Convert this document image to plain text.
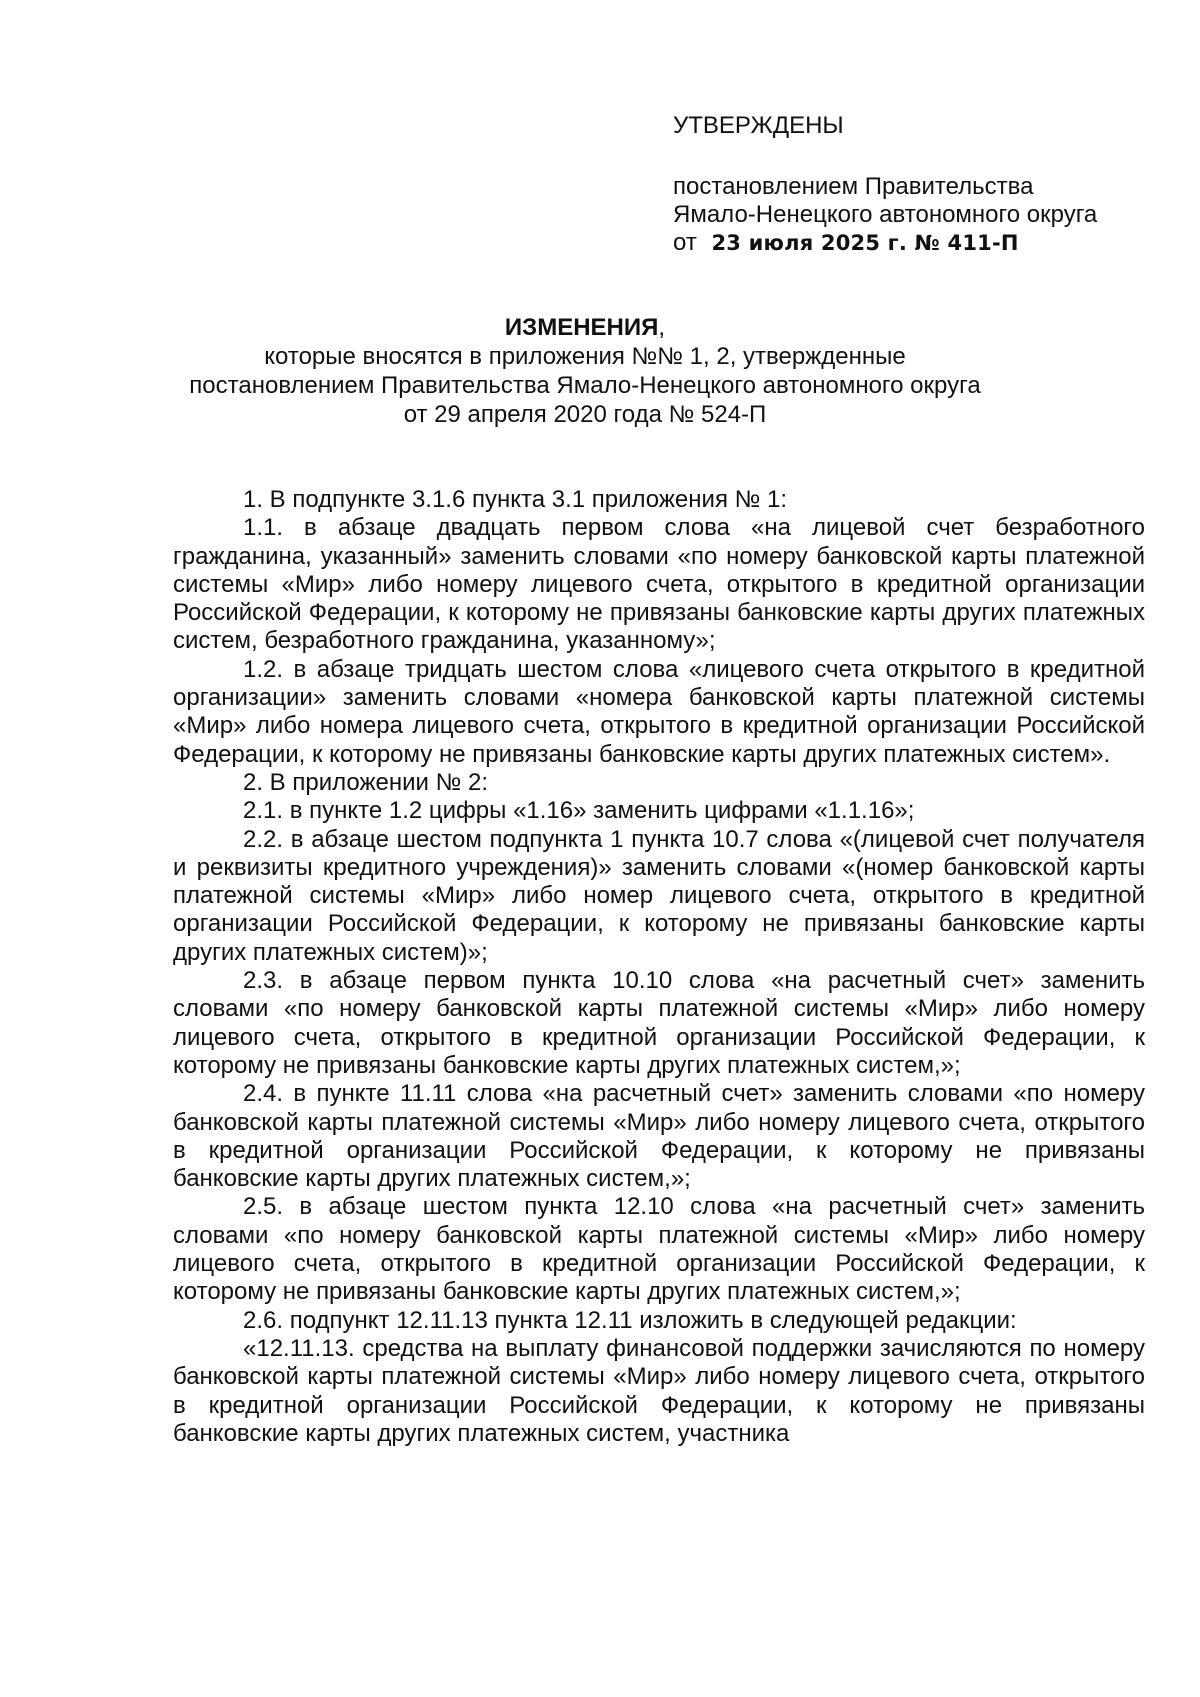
УТВЕРЖДЕНЫ
постановлением Правительства
Ямало-Ненецкого автономного округа
от 23 июля 2025 г. № 411-П
ИЗМЕНЕНИЯ,
которые вносятся в приложения №№ 1, 2, утвержденные
постановлением Правительства Ямало-Ненецкого автономного округа
от 29 апреля 2020 года № 524-П

1. В подпункте 3.1.6 пункта 3.1 приложения № 1:

1.1. в абзаце двадцать первом слова «на лицевой счет безработного гражданина, указанный» заменить словами «по номеру банковской карты платежной системы «Мир» либо номеру лицевого счета, открытого в кредитной организации Российской Федерации, к которому не привязаны банковские карты других платежных систем, безработного гражданина, указанному»;

1.2. в абзаце тридцать шестом слова «лицевого счета открытого в кредитной организации» заменить словами «номера банковской карты платежной системы «Мир» либо номера лицевого счета, открытого в кредитной организации Российской Федерации, к которому не привязаны банковские карты других платежных систем».

2. В приложении № 2:

2.1. в пункте 1.2 цифры «1.16» заменить цифрами «1.1.16»;

2.2. в абзаце шестом подпункта 1 пункта 10.7 слова «(лицевой счет получателя и реквизиты кредитного учреждения)» заменить словами «(номер банковской карты платежной системы «Мир» либо номер лицевого счета, открытого в кредитной организации Российской Федерации, к которому не привязаны банковские карты других платежных систем)»;

2.3. в абзаце первом пункта 10.10 слова «на расчетный счет» заменить словами «по номеру банковской карты платежной системы «Мир» либо номеру лицевого счета, открытого в кредитной организации Российской Федерации, к которому не привязаны банковские карты других платежных систем,»;

2.4. в пункте 11.11 слова «на расчетный счет» заменить словами «по номеру банковской карты платежной системы «Мир» либо номеру лицевого счета, открытого в кредитной организации Российской Федерации, к которому не привязаны банковские карты других платежных систем,»;

2.5. в абзаце шестом пункта 12.10 слова «на расчетный счет» заменить словами «по номеру банковской карты платежной системы «Мир» либо номеру лицевого счета, открытого в кредитной организации Российской Федерации, к которому не привязаны банковские карты других платежных систем,»;

2.6. подпункт 12.11.13 пункта 12.11 изложить в следующей редакции:

«12.11.13. средства на выплату финансовой поддержки зачисляются по номеру банковской карты платежной системы «Мир» либо номеру лицевого счета, открытого в кредитной организации Российской Федерации, к которому не привязаны банковские карты других платежных систем, участника
